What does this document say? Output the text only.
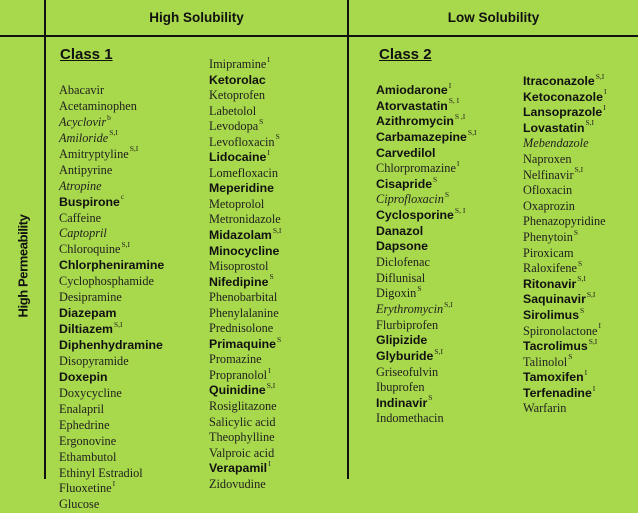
High Solubility	Low Solubility
High Permeability
Class 1	Class 2
Abacavir
Acetaminophen
Acyclovir$^b$
Amiloride$^{S,I}$
Amitryptyline$^{S,I}$
Antipyrine
Atropine
Buspirone$^c$
Caffeine
Captopril
Chloroquine$^{S,I}$
Chlorpheniramine
Cyclophosphamide
Desipramine
Diazepam
Diltiazem$^{S,I}$
Diphenhydramine
Disopyramide
Doxepin
Doxycycline
Enalapril
Ephedrine
Ergonovine
Ethambutol
Ethinyl Estradiol
Fluoxetine$^I$
Glucose
Imipramine$^I$
Ketorolac
Ketoprofen
Labetolol
Levodopa$^S$
Levofloxacin$^S$
Lidocaine$^I$
Lomefloxacin
Meperidine
Metoprolol
Metronidazole
Midazolam$^{S,I}$
Minocycline
Misoprostol
Nifedipine$^S$
Phenobarbital
Phenylalanine
Prednisolone
Primaquine$^S$
Promazine
Propranolol$^I$
Quinidine$^{S,I}$
Rosiglitazone
Salicylic acid
Theophylline
Valproic acid
Verapamil$^I$
Zidovudine
Amiodarone$^I$
Atorvastatin$^{S, I}$
Azithromycin$^{S ,I}$
Carbamazepine$^{S,I}$
Carvedilol
Chlorpromazine$^I$
Cisapride$^S$
Ciprofloxacin$^S$
Cyclosporine$^{S, I}$
Danazol
Dapsone
Diclofenac
Diflunisal
Digoxin$^S$
Erythromycin$^{S,I}$
Flurbiprofen
Glipizide
Glyburide$^{S,I}$
Griseofulvin
Ibuprofen
Indinavir$^S$
Indomethacin
Itraconazole$^{S,I}$
Ketoconazole$^I$
Lansoprazole$^I$
Lovastatin$^{S,I}$
Mebendazole
Naproxen
Nelfinavir$^{S,I}$
Ofloxacin
Oxaprozin
Phenazopyridine
Phenytoin$^S$
Piroxicam
Raloxifene$^S$
Ritonavir$^{S,I}$
Saquinavir$^{S,I}$
Sirolimus$^S$
Spironolactone$^I$
Tacrolimus$^{S,I}$
Talinolol$^S$
Tamoxifen$^I$
Terfenadine$^I$
Warfarin
